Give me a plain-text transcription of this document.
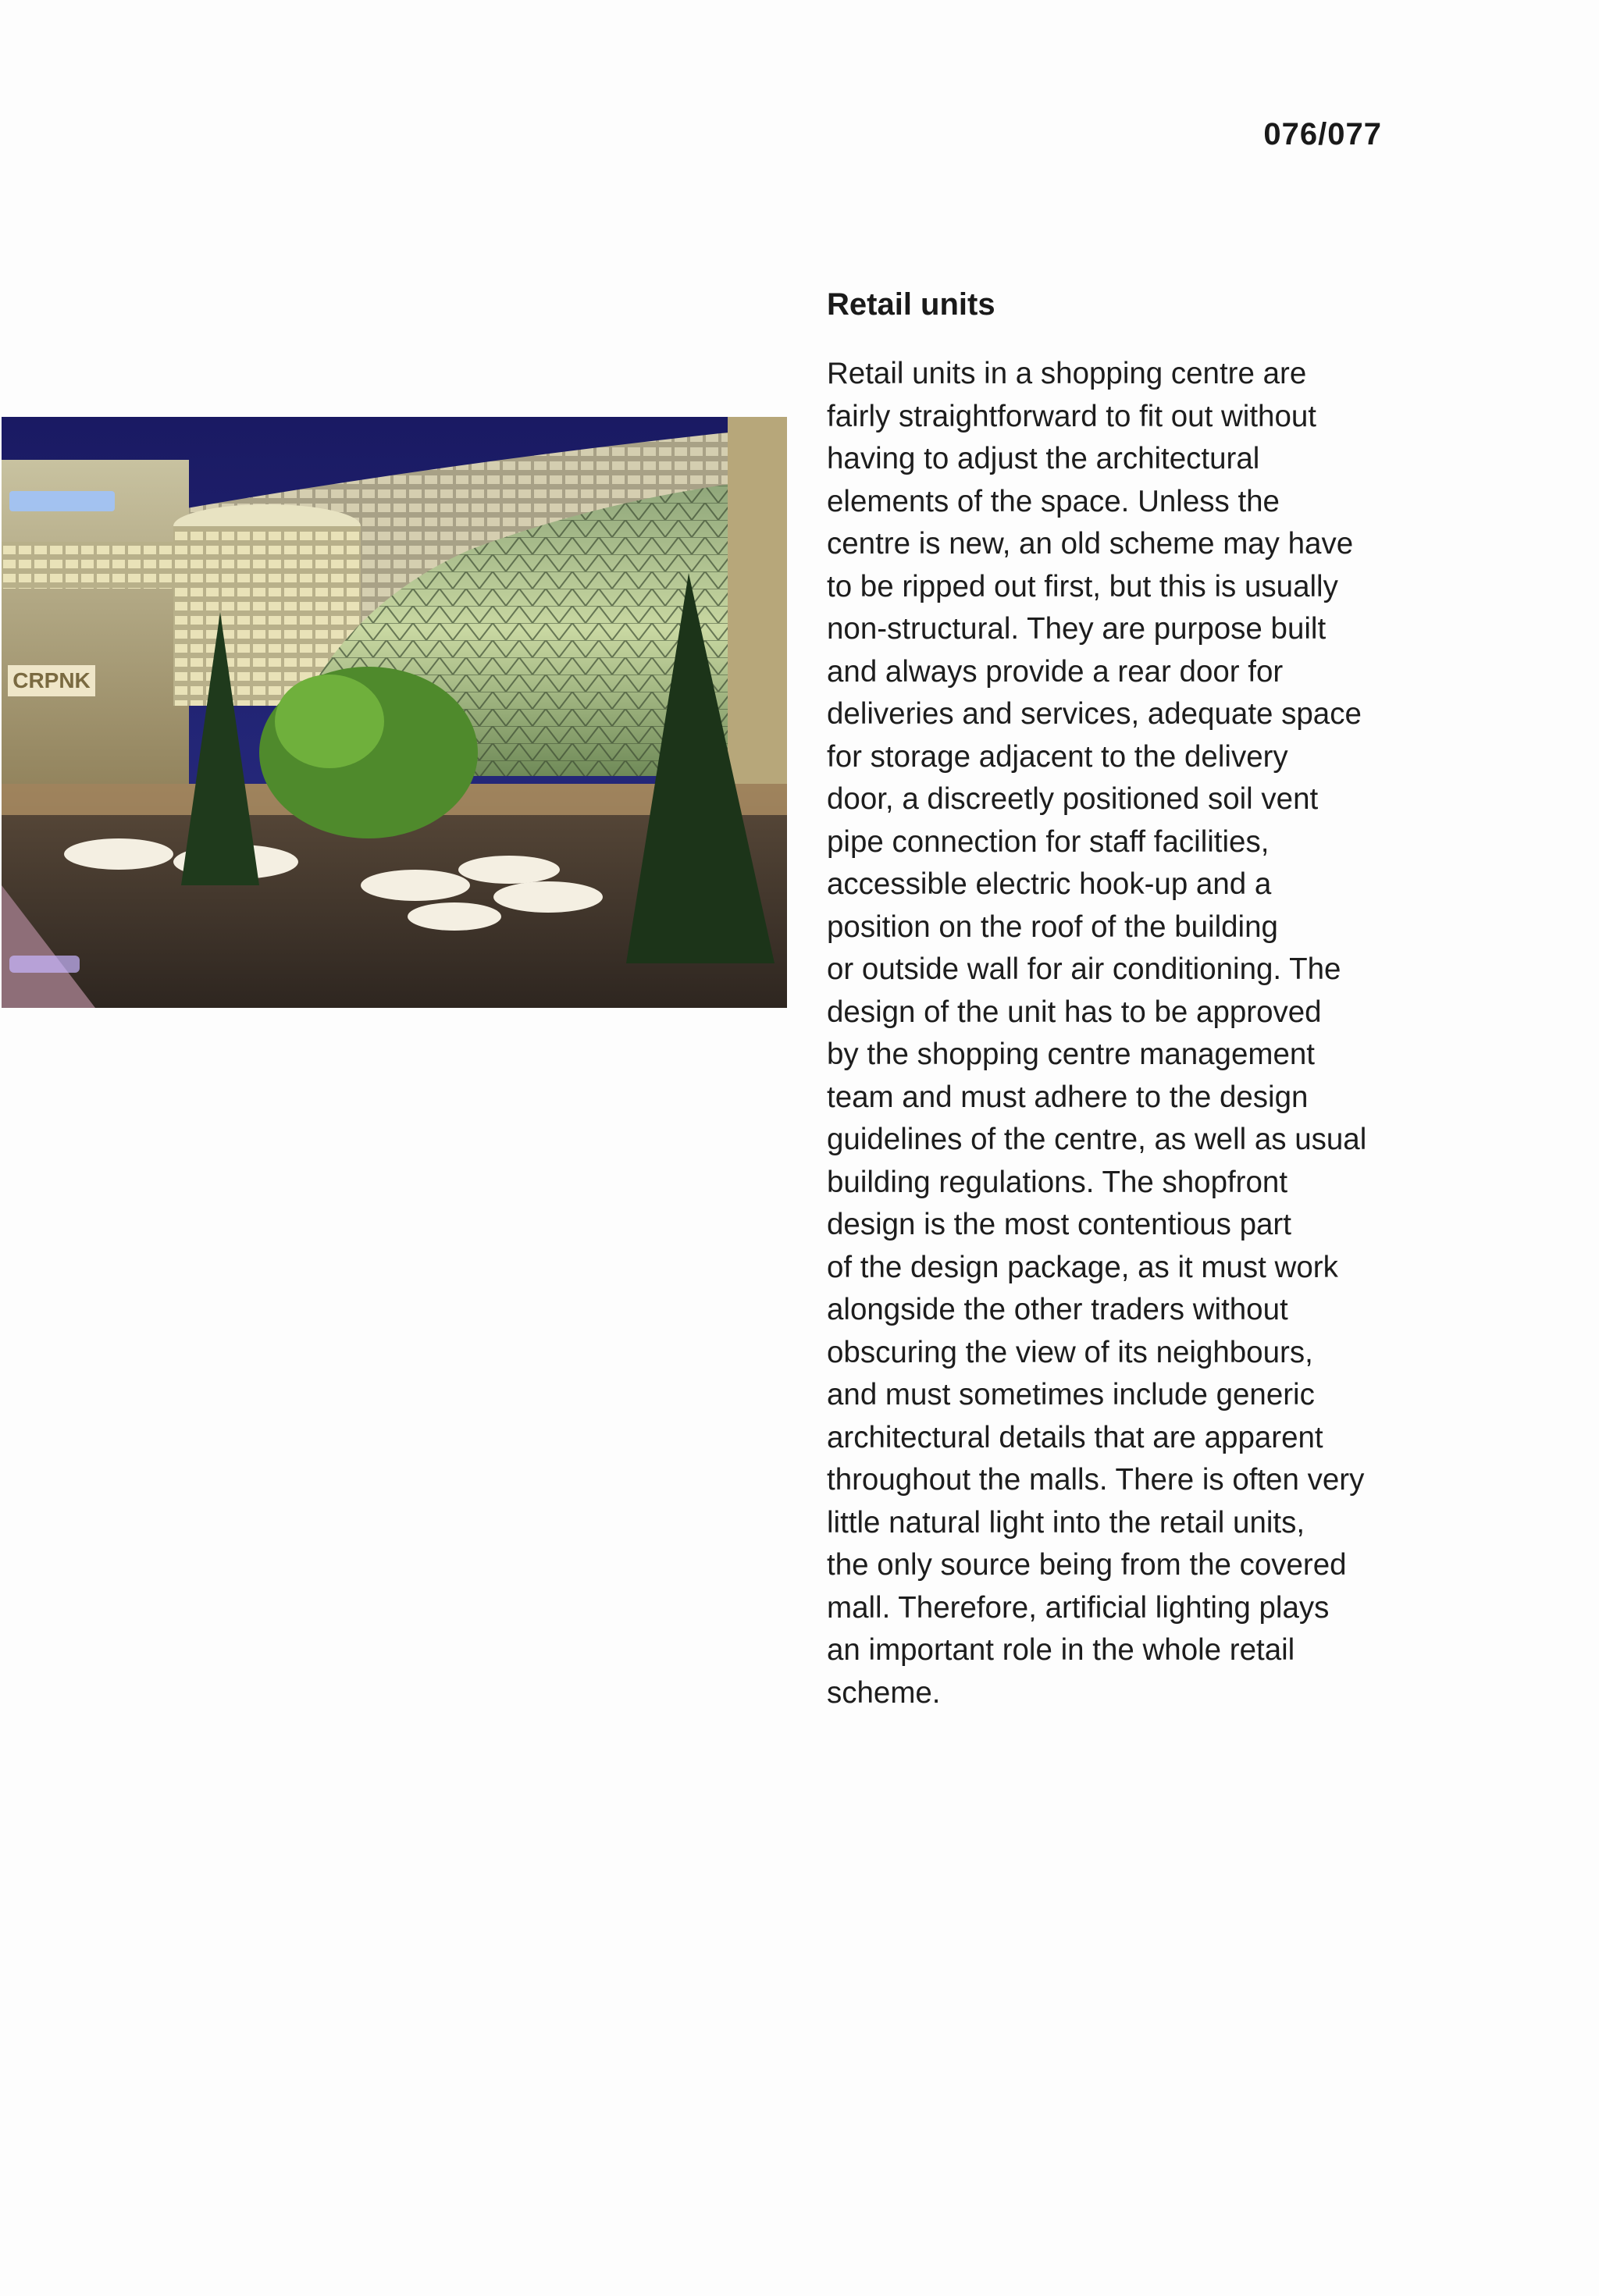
076/077
CRPNK
Retail units

Retail units in a shopping centre are
fairly straightforward to fit out without
having to adjust the architectural
elements of the space. Unless the
centre is new, an old scheme may have
to be ripped out first, but this is usually
non-structural. They are purpose built
and always provide a rear door for
deliveries and services, adequate space
for storage adjacent to the delivery
door, a discreetly positioned soil vent
pipe connection for staff facilities,
accessible electric hook-up and a
position on the roof of the building
or outside wall for air conditioning. The
design of the unit has to be approved
by the shopping centre management
team and must adhere to the design
guidelines of the centre, as well as usual
building regulations. The shopfront
design is the most contentious part
of the design package, as it must work
alongside the other traders without
obscuring the view of its neighbours,
and must sometimes include generic
architectural details that are apparent
throughout the malls. There is often very
little natural light into the retail units,
the only source being from the covered
mall. Therefore, artificial lighting plays
an important role in the whole retail
scheme.
